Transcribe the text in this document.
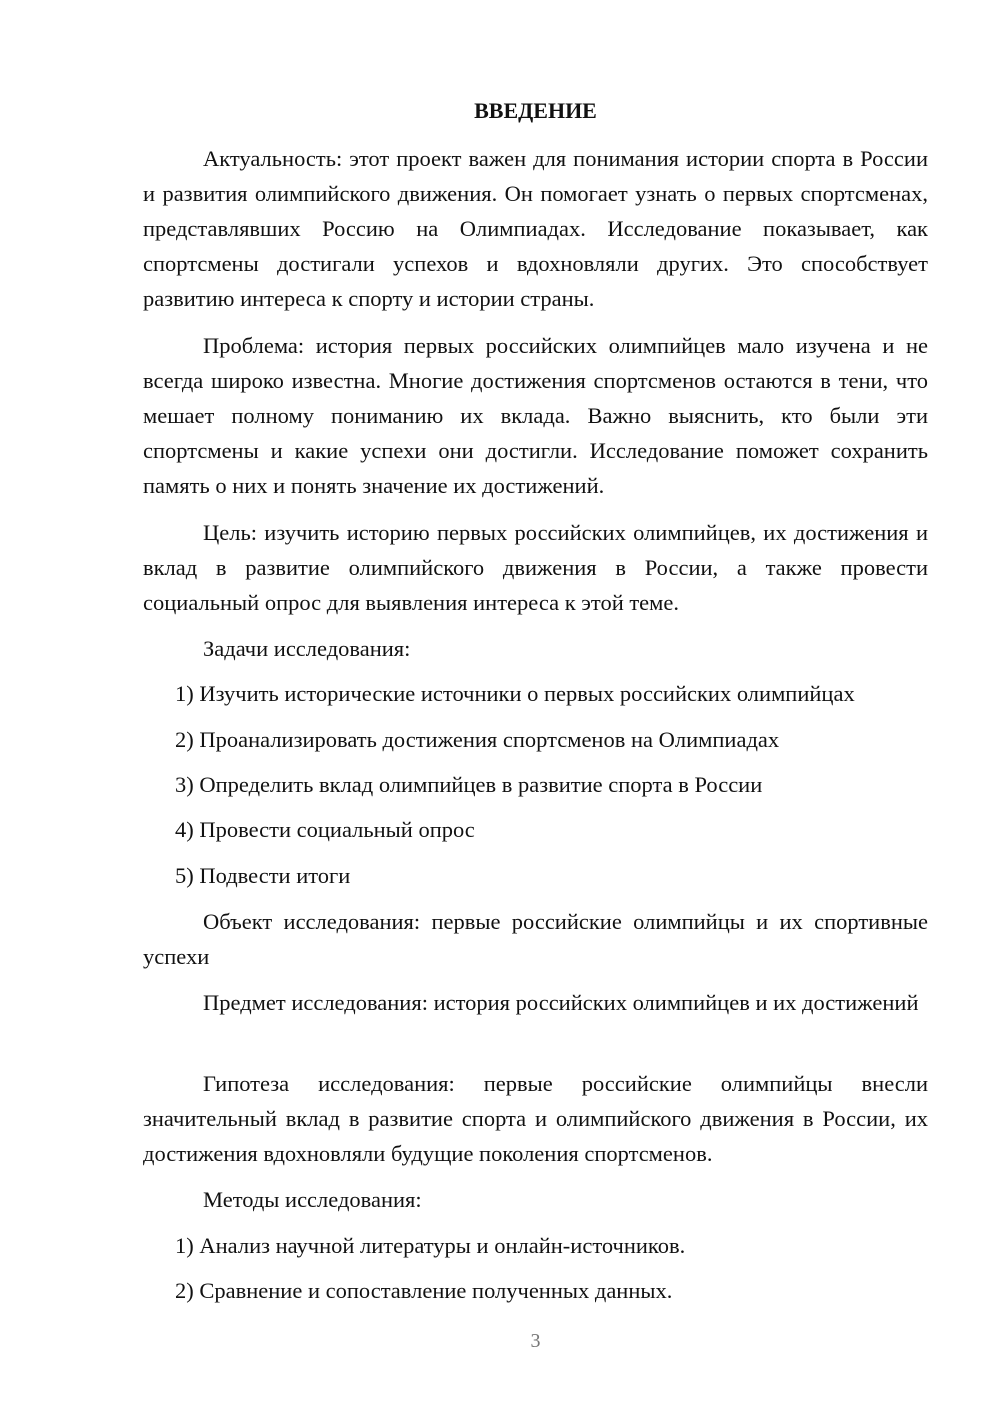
ВВЕДЕНИЕ

Актуальность: этот проект важен для понимания истории спорта в России и развития олимпийского движения. Он помогает узнать о первых спортсменах, представлявших Россию на Олимпиадах. Исследование показывает, как спортсмены достигали успехов и вдохновляли других. Это способствует развитию интереса к спорту и истории страны.

Проблема: история первых российских олимпийцев мало изучена и не всегда широко известна. Многие достижения спортсменов остаются в тени, что мешает полному пониманию их вклада. Важно выяснить, кто были эти спортсмены и какие успехи они достигли. Исследование поможет сохранить память о них и понять значение их достижений.

Цель: изучить историю первых российских олимпийцев, их достижения и вклад в развитие олимпийского движения в России, а также провести социальный опрос для выявления интереса к этой теме.

Задачи исследования:

1) Изучить исторические источники о первых российских олимпийцах

2) Проанализировать достижения спортсменов на Олимпиадах

3) Определить вклад олимпийцев в развитие спорта в России

4) Провести социальный опрос

5) Подвести итоги

Объект исследования: первые российские олимпийцы и их спортивные успехи

Предмет исследования: история российских олимпийцев и их достижений

Гипотеза исследования: первые российские олимпийцы внесли значительный вклад в развитие спорта и олимпийского движения в России, их достижения вдохновляли будущие поколения спортсменов.

Методы исследования:

1) Анализ научной литературы и онлайн-источников.

2) Сравнение и сопоставление полученных данных.

3
